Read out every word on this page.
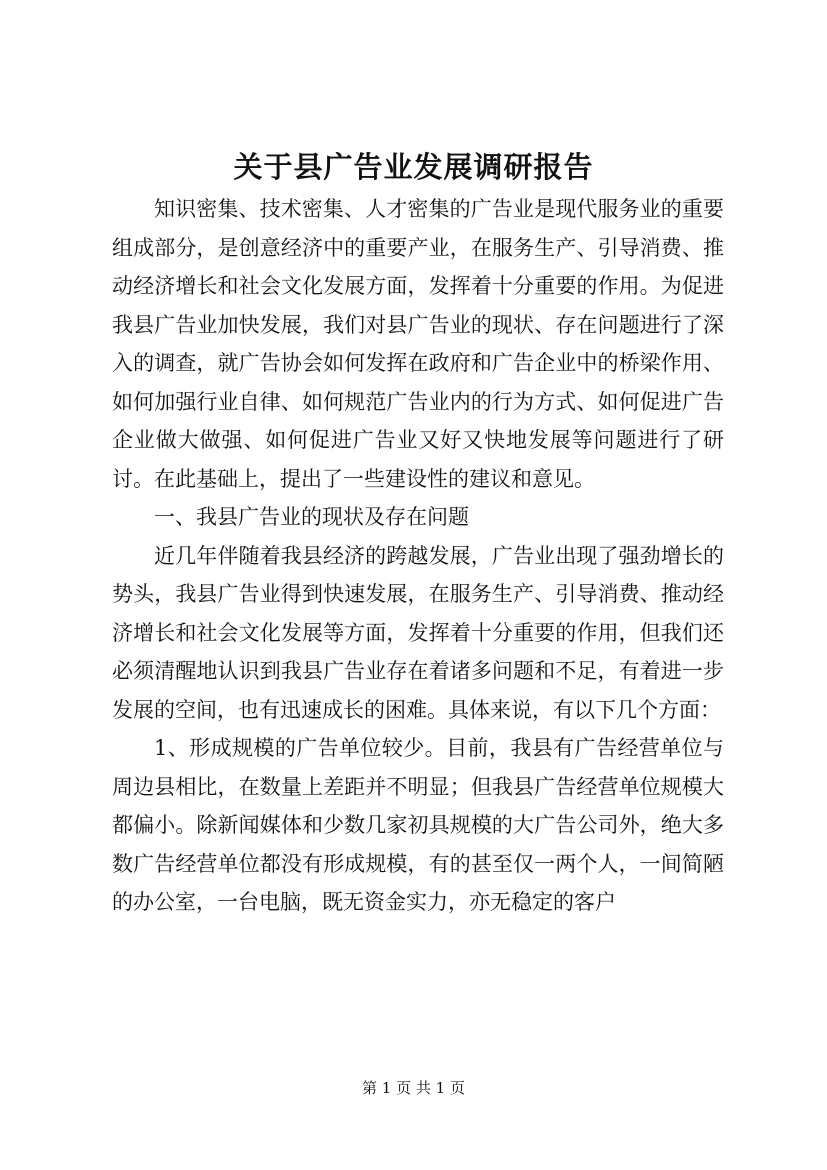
关于县广告业发展调研报告

知识密集、技术密集、人才密集的广告业是现代服务业的重要组成部分，是创意经济中的重要产业，在服务生产、引导消费、推动经济增长和社会文化发展方面，发挥着十分重要的作用。为促进我县广告业加快发展，我们对县广告业的现状、存在问题进行了深入的调查，就广告协会如何发挥在政府和广告企业中的桥梁作用、如何加强行业自律、如何规范广告业内的行为方式、如何促进广告企业做大做强、如何促进广告业又好又快地发展等问题进行了研讨。在此基础上，提出了一些建设性的建议和意见。

一、我县广告业的现状及存在问题

近几年伴随着我县经济的跨越发展，广告业出现了强劲增长的势头，我县广告业得到快速发展，在服务生产、引导消费、推动经济增长和社会文化发展等方面，发挥着十分重要的作用，但我们还必须清醒地认识到我县广告业存在着诸多问题和不足，有着进一步发展的空间，也有迅速成长的困难。具体来说，有以下几个方面：

1、形成规模的广告单位较少。目前，我县有广告经营单位与周边县相比，在数量上差距并不明显；但我县广告经营单位规模大都偏小。除新闻媒体和少数几家初具规模的大广告公司外，绝大多数广告经营单位都没有形成规模，有的甚至仅一两个人，一间简陋的办公室，一台电脑，既无资金实力，亦无稳定的客户

第 1 页 共 1 页
